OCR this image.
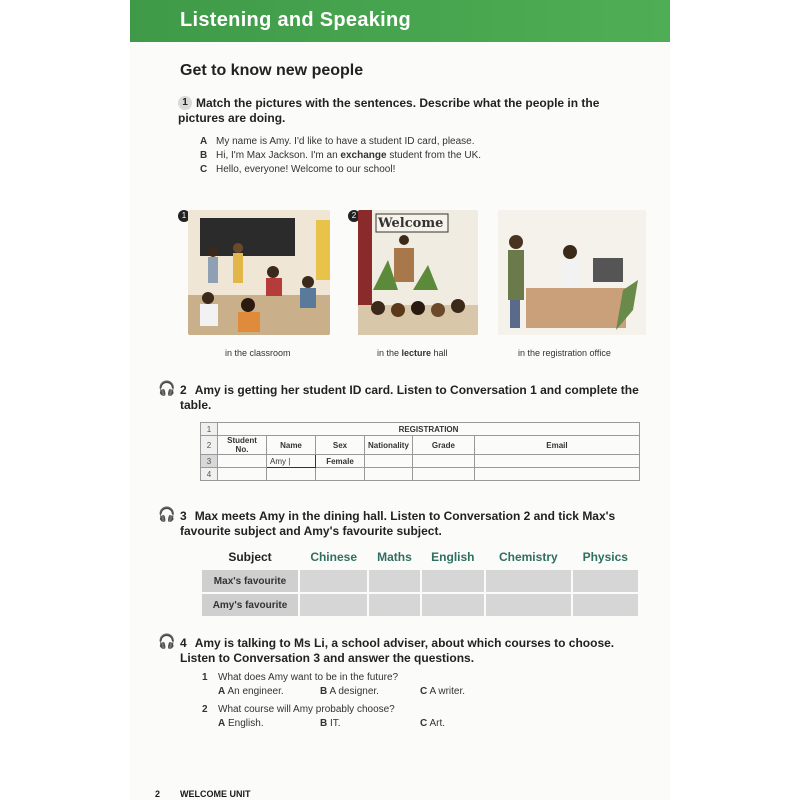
Listening and Speaking
Get to know new people
1 Match the pictures with the sentences. Describe what the people in the pictures are doing.
A My name is Amy. I'd like to have a student ID card, please.
B Hi, I'm Max Jackson. I'm an exchange student from the UK.
C Hello, everyone! Welcome to our school!
1
in the classroom
2
Welcome
in the lecture hall	in the registration office
🎧 2 Amy is getting her student ID card. Listen to Conversation 1 and complete the table.
1	REGISTRATION					
2	Student No.	Name	Sex	Nationality	Grade	Email
3		Amy |	Female			
4						
🎧 3 Max meets Amy in the dining hall. Listen to Conversation 2 and tick Max's favourite subject and Amy's favourite subject.
Subject	Chinese	Maths	English	Chemistry	Physics
Max's favourite					
Amy's favourite					
🎧 4 Amy is talking to Ms Li, a school adviser, about which courses to choose. Listen to Conversation 3 and answer the questions.
1 What does Amy want to be in the future?
A An engineer.	B A designer.	C A writer.
2 What course will Amy probably choose?
A English.	B IT.	C Art.
2 WELCOME UNIT
